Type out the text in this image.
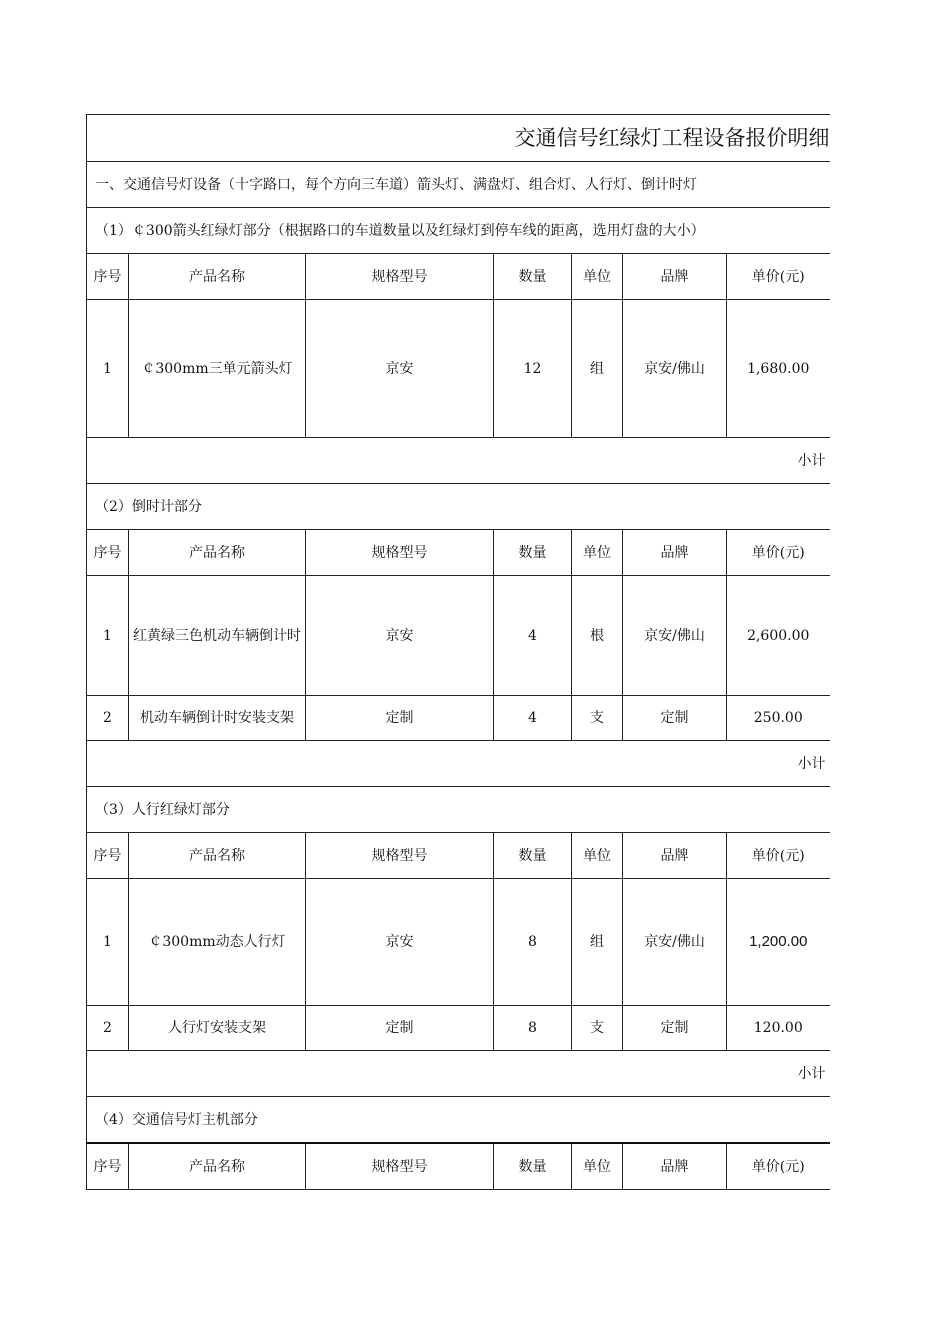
交通信号红绿灯工程设备报价明细						
一、交通信号灯设备（十字路口，每个方向三车道）箭头灯、满盘灯、组合灯、人行灯、倒计时灯						
（1）￠300箭头红绿灯部分（根据路口的车道数量以及红绿灯到停车线的距离，选用灯盘的大小）						
序号	产品名称	规格型号	数量	单位	品牌	单价(元)
1	￠300mm三单元箭头灯	京安	12	组	京安/佛山	1,680.00
小计						
（2）倒时计部分						
序号	产品名称	规格型号	数量	单位	品牌	单价(元)
1	红黄绿三色机动车辆倒计时	京安	4	根	京安/佛山	2,600.00
2	机动车辆倒计时安装支架	定制	4	支	定制	250.00
小计						
（3）人行红绿灯部分						
序号	产品名称	规格型号	数量	单位	品牌	单价(元)
1	￠300mm动态人行灯	京安	8	组	京安/佛山	1,200.00
2	人行灯安装支架	定制	8	支	定制	120.00
小计						
（4）交通信号灯主机部分						
序号	产品名称	规格型号	数量	单位	品牌	单价(元)
